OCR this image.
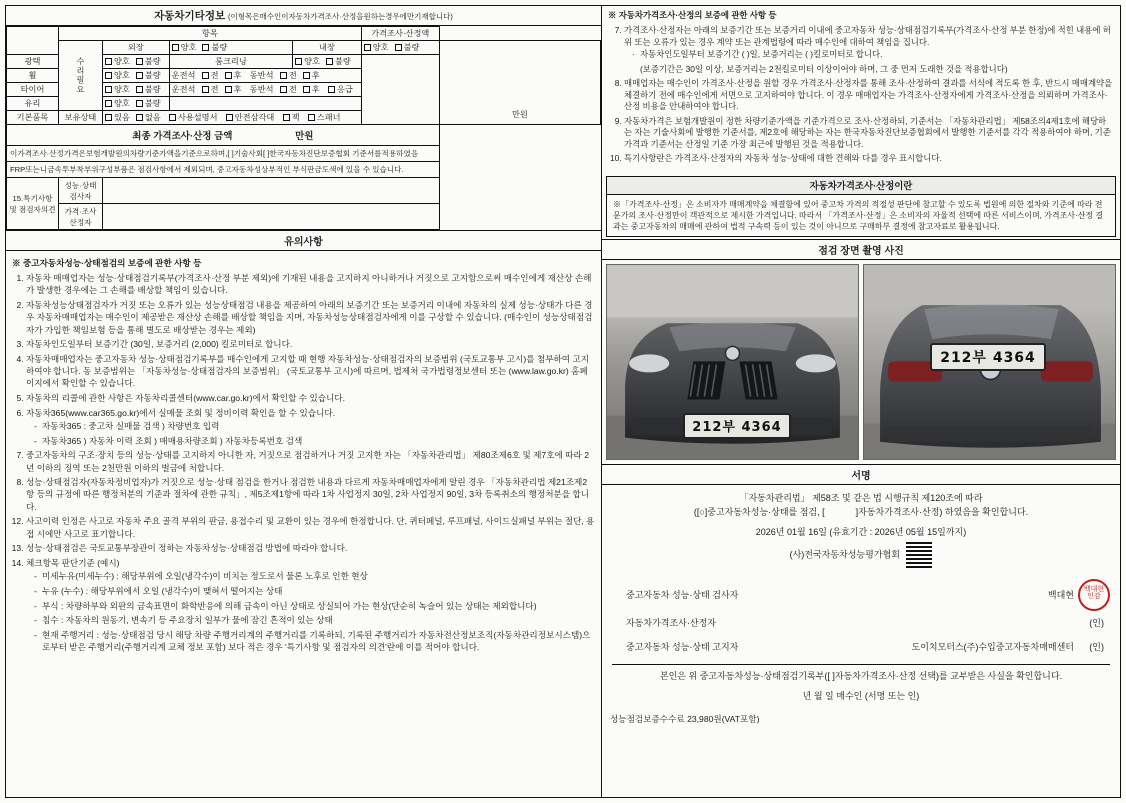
자동차기타정보 (이형목은매수인이자동차가격조사·산정을원하는경우에만기재합니다)
	항목				가격조사·산정액	
	수리필요	외장	양호 불량	내장	양호 불량	만원
광택		양호 불량	룸크리닝	양호 불량		
휠		양호 불량	운전석 전 후 동반석 전 후			
타이어		양호 불량	운전석 전 후 동반석 전 후 응급			
유리		양호 불량				
기본품목	보유상태	있음 없음 사용설명서 안전삼각대 잭 스패너				
최종 가격조사·산정 금액 만원						
이가격조사·산정가격은보험개발원의차량기준가액을기준으로하며,[ ]기술사회[ ]한국자동차진단보증협회 기준서를적용하였음						
FRP또는니금속투부착부위구성부품은 점검사항에서 제외되며, 중고자동차성상부적인 부식판금도색에 있을 수 있습니다.						
15.특기사항및 점검자의견	성능·상태 검사자					
	가격·조사 산정자					
유의사항
※ 중고자동차성능·상태점검의 보증에 관한 사항 등
1. 자동차 매매업자는 성능·상태점검기록부(가격조사·산정 부분 제외)에 기재된 내용을 고지하지 아니하거나 거짓으로 고지함으로써 매수인에게 재산상 손해가 발생한 경우에는 그 손해를 배상할 책임이 있습니다.
2. 자동차성능상태점검자가 거짓 또는 오류가 있는 성능상태점검 내용을 제공하여 아래의 보증기간 또는 보증거리 이내에 자동차의 실제 성능·상태가 다른 경우 자동차매매업자는 매수인이 제공받은 재산상 손해를 배상할 책임을 지며, 자동차성능상태점검자에게 이를 구상할 수 있습니다. (매수인이 성능상태점검자가 가입한 책임보험 등을 통해 별도로 배상받는 경우는 제외)
3. 자동차인도일부터 보증기간 (30일, 보증거리 (2,000) 킬로미터로 합니다.
4. 자동차매매업자는 중고자동차 성능·상태점검기록부를 매수인에게 고지할 때 현행 자동차성능·상태점검자의 보증범위 (국토교통부 고시)를 첨부하여 고지하여야 합니다. 동 보증범위는 「자동차성능·상태점검자의 보증범위」 (국토교통부 고시)에 따르며, 법제처 국가법령정보센터 또는 (www.law.go.kr) 홈페이지에서 확인할 수 있습니다.
5. 자동차의 리콜에 관한 사항은 자동차리콜센터(www.car.go.kr)에서 확인할 수 있습니다.
6. 자동차365(www.car365.go.kr)에서 실매물 조회 및 정비이력 확인을 할 수 있습니다.
- 자동차365 : 중고차 실매물 검색 ) 차량번호 입력
- 자동차365 ) 자동차 이력 조회 ) 매매용차량조회 ) 자동차등록번호 검색
7. 중고자동차의 구조·장치 등의 성능·상태를 고지하지 아니한 자, 거짓으로 점검하거나 거짓 고지한 자는 「자동차관리법」 제80조제6호 및 제7호에 따라 2년 이하의 징역 또는 2천만원 이하의 벌금에 처합니다.
8. 성능·상태점검자(자동차정비업자)가 거짓으로 성능·상태 점검을 한거나 점검한 내용과 다르게 자동차매매업자에게 알린 경우 「자동차관리법 제21조제2항 등의 규정에 따른 행정처분의 기준과 절차에 관한 규칙」, 제5조제1항에 따라 1차 사업정지 30일, 2차 사업정지 90일, 3차 등록취소의 행정처분을 합니다.
12. 사고이력 인정은 사고로 자동차 주요 골격 부위의 판금, 용접수리 및 교환이 있는 경우에 한정합니다. 단, 퀴터페널, 루프패널, 사이드실패널 부위는 절단, 용접 시에만 사고로 표기합니다.
13. 성능·상태점검은 국토교통부장관이 정하는 자동차성능·상태점검 방법에 따라야 합니다.
14. 체크항목 판단기준 (예시)
- 미세누유(미세누수) : 해당부위에 오일(냉각수)이 비치는 정도로서 물론 노후로 인한 현상
- 누유 (누수) : 해당부위에서 오일 (냉각수)이 맺혀서 떨어지는 상태
- 부식 : 차량하부와 외판의 금속표면이 화학반응에 의해 금속이 아닌 상태로 상실되어 가는 현상(단순히 녹슬어 있는 상태는 제외합니다)
- 침수 : 자동차의 원동기, 변속기 등 주요장치 일부가 물에 잠긴 흔적이 있는 상태
- 현재 주행거리 : 성능·상태점검 당시 해당 차량 주행거리계의 주행거리를 기록하되, 기록된 주행거리가 자동차전산정보조직(자동차관리정보시스템)으로부터 받은 주행거리(주행거리계 교체 정보 포함) 보다 적은 경우 '특기사항 및 점검자의 의견'란에 이를 적어야 합니다.
※ 자동차가격조사·산정의 보증에 관한 사항 등
7. 가격조사·산정자는 아래의 보증기간 또는 보증거리 이내에 중고자동차 성능·상태점검기록부(가격조사·산정 부분 한정)에 적힌 내용에 허위 또는 오류가 있는 경우 계약 또는 관계법령에 따라 매수인에 대하여 책임을 집니다.
· 자동차인도일부터 보증기간 ( )일, 보증거리는 ( )킬로미터로 합니다.
(보증기간은 30일 이상, 보증거리는 2천킬로미터 이상이어야 하며, 그 중 먼저 도래한 것을 적용합니다)
8. 매매업자는 매수인이 가격조사·산정을 원할 경우 가격조사·산정자를 통해 조사·산정하여 결과를 서식에 적도록 한 후, 반드시 매매계약을 체결하기 전에 매수인에게 서면으로 고지하여야 합니다. 이 경우 매매업자는 가격조사·산정자에게 가격조사·산정을 의뢰하며 가격조사·산정 비용을 안내하여야 합니다.
9. 자동차가격은 보험개발원이 정한 차량기준가액을 기준가격으로 조사·산정하되, 기준서는 「자동차관리법」 제58조의4제1호에 해당하는 자는 기술사회에 발행한 기준서를, 제2호에 해당하는 자는 한국자동차진단보증협회에서 발행한 기준서를 각각 적용하여야 하며, 기준가격과 기준서는 산정일 기준 가장 최근에 발행된 것을 적용합니다.
10. 특기사항란은 가격조사·산정자의 자동차 성능·상태에 대한 견해와 다를 경우 표시합니다.
자동차가격조사·산정이란
※「가격조사·산정」은 소비자가 매매계약을 체결함에 있어 중고차 가격의 적절성 판단에 참고할 수 있도록 법원에 의한 절차와 기준에 따라 전문가의 조사·산정만이 객관적으로 제시한 가격입니다. 따라서 「가격조사·산정」은 소비자의 자율적 선택에 따른 서비스이며, 가격조사·산정 결과는 중고자동차의 매매에 관하여 법적 구속력 등이 있는 것이 아니므로 구매하부 결정에 참고자료로 활용됩니다.
점검 장면 촬영 사진
212부 4364
212부 4364
서명
「자동차관리법」 제58조 및 같은 법 시행규칙 제120조에 따라
([○]중고자동차성능·상태를 점검, [	]자동차가격조사·산정) 하였음을 확인합니다.
2026년 01월 16일 (유효기간 : 2026년 05월 15일까지)
(사)전국자동차성능평가협회
중고자동차 성능·상태 검사자	백대현
백대현 인감
자동차가격조사·산정자	(인)
중고자동차 성능·상태 고지자	도이치모터스(주)수입중고자동차매매센터	(인)
본인은 위 중고자동차성능·상태점검기록부([ ]자동차가격조사·산정 선택)를 교부받은 사실을 확인합니다.
년 월 일 매수인 (서명 또는 인)
성능점검보증수수료 23,980원(VAT포함)
